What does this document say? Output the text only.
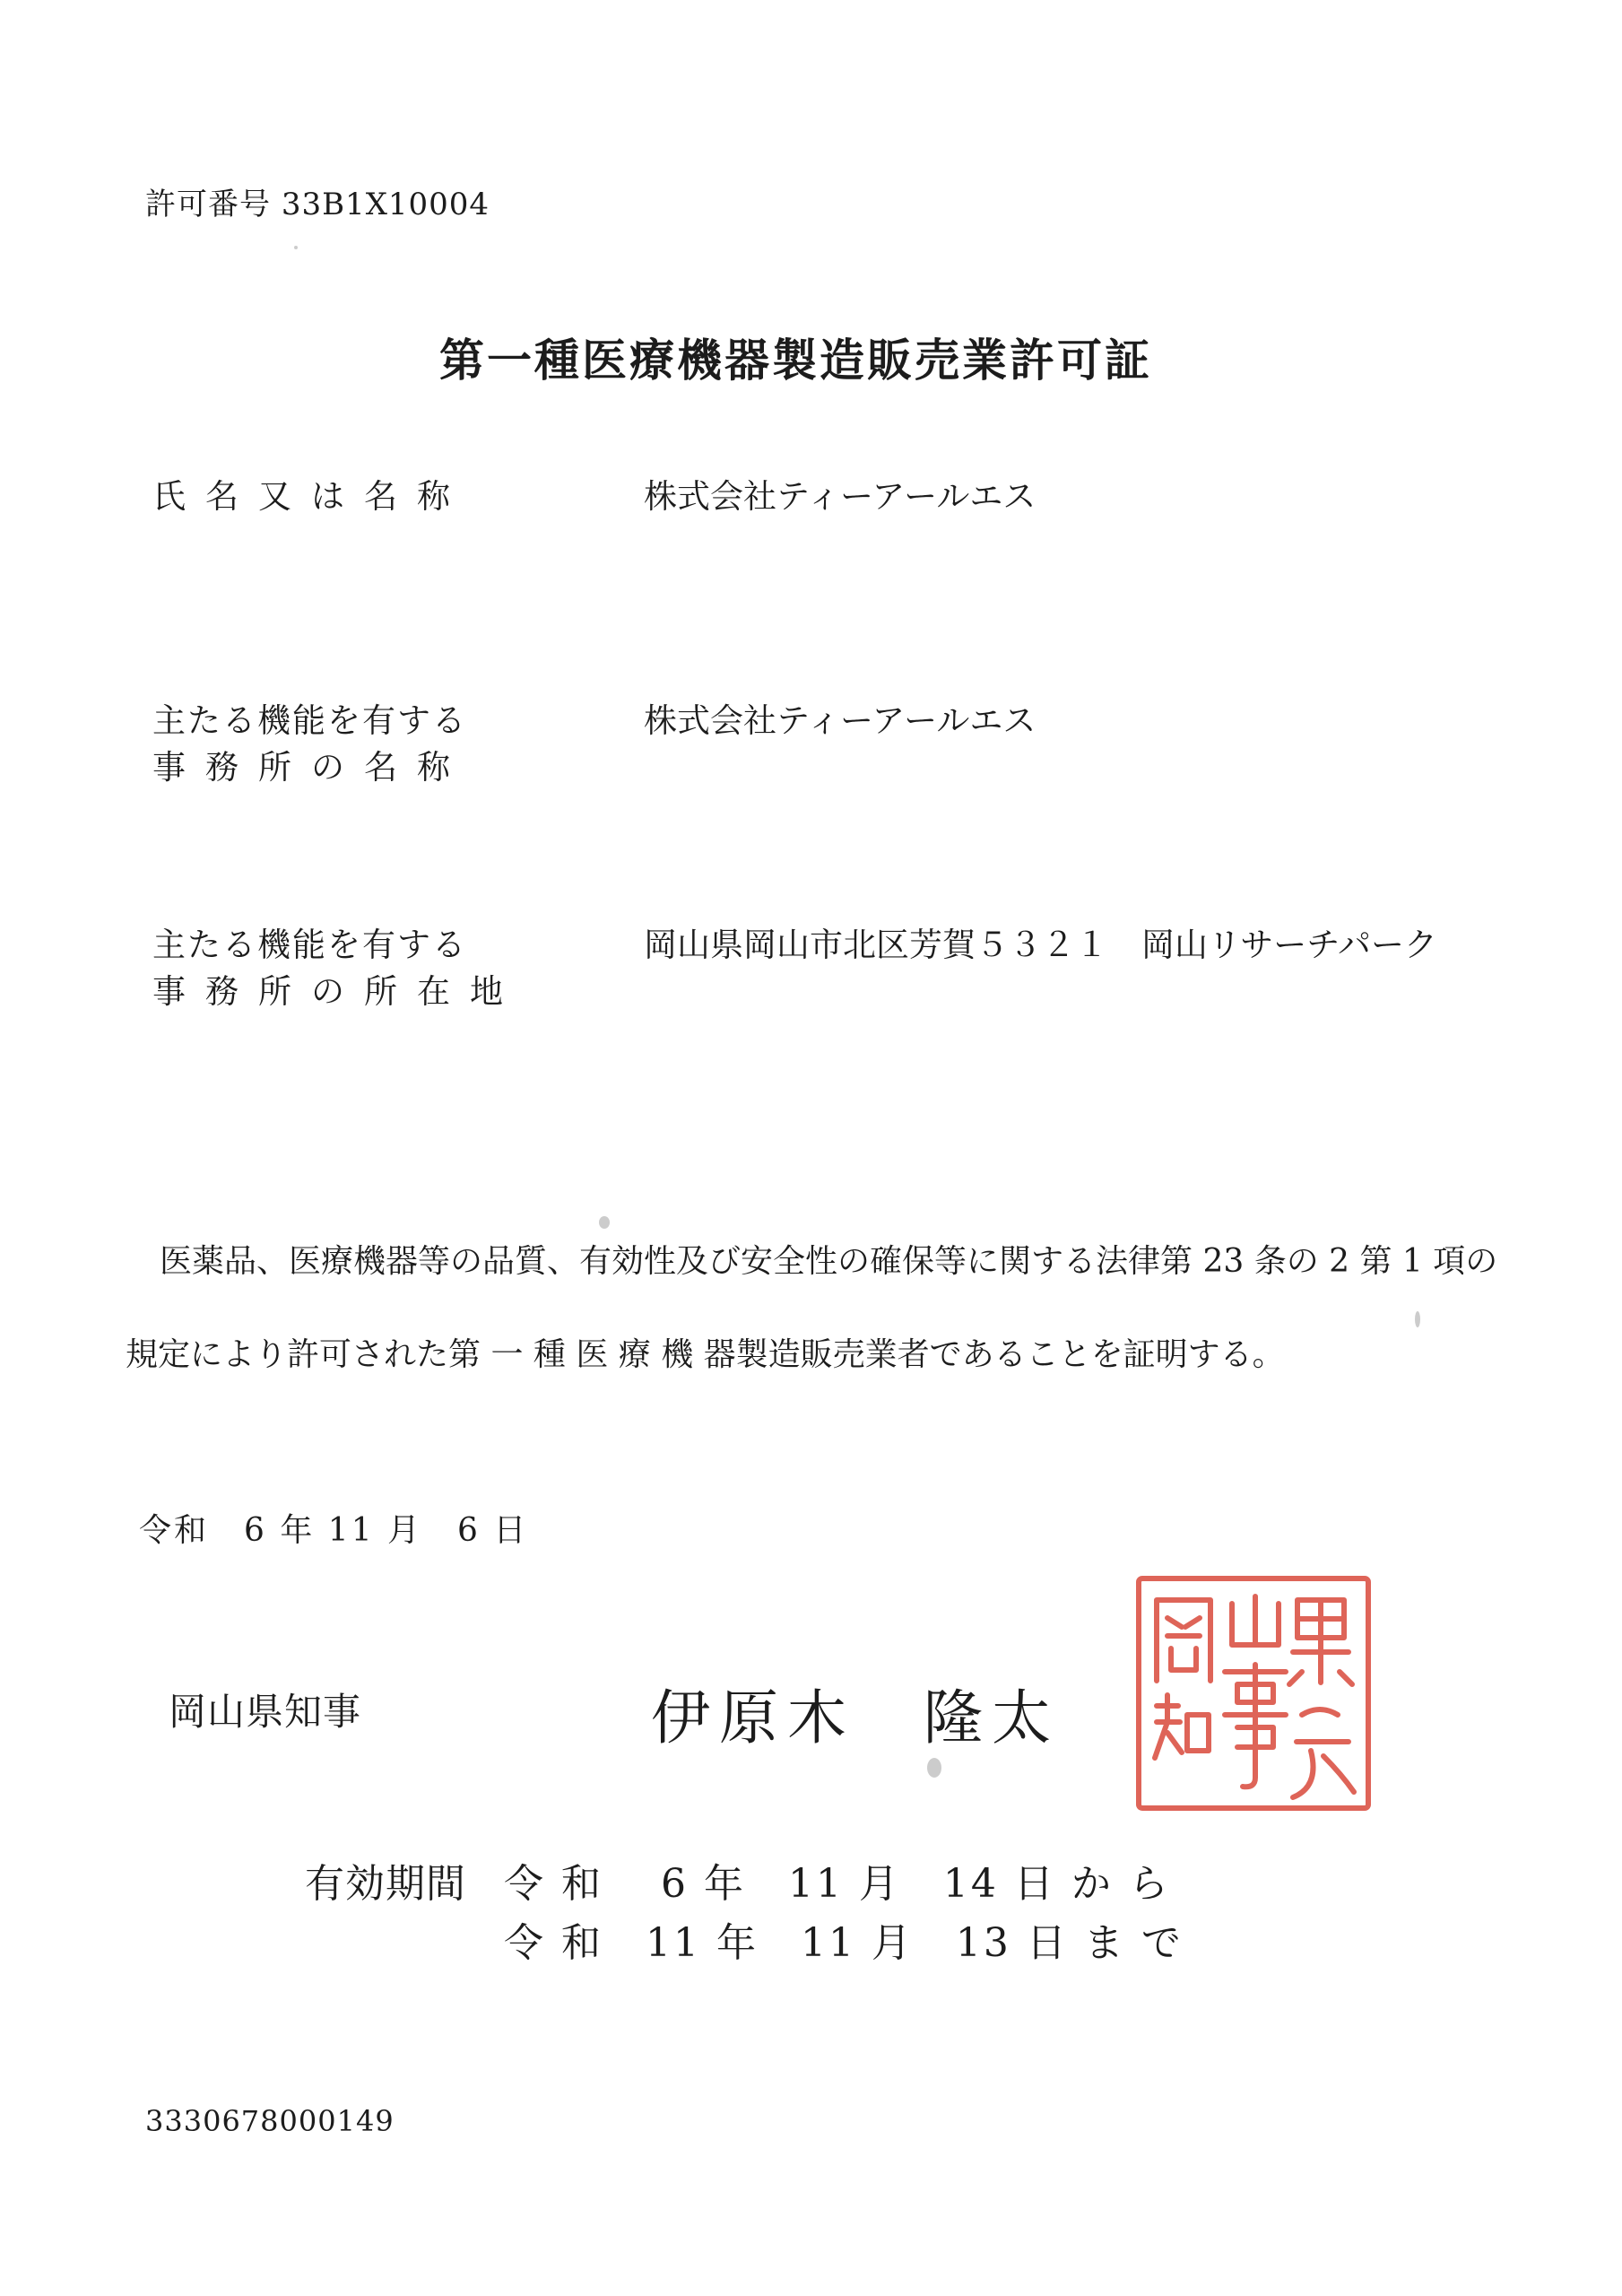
許可番号 33B1X10004
第一種医療機器製造販売業許可証
氏名又は名称	株式会社ティーアールエス
主たる機能を有する
事務所の名称
株式会社ティーアールエス
主たる機能を有する
事務所の所在地
岡山県岡山市北区芳賀５３２１　岡山リサーチパーク
医薬品、医療機器等の品質、有効性及び安全性の確保等に関する法律第 23 条の 2 第 1 項の
規定により許可された第 一 種 医 療 機 器製造販売業者であることを証明する。
令和　6 年 11 月　6 日
岡山県知事	伊原木　隆太
有効期間 令 和　 6 年　11 月　14 日 か ら
令 和　11 年　11 月　13 日 ま で
3330678000149
